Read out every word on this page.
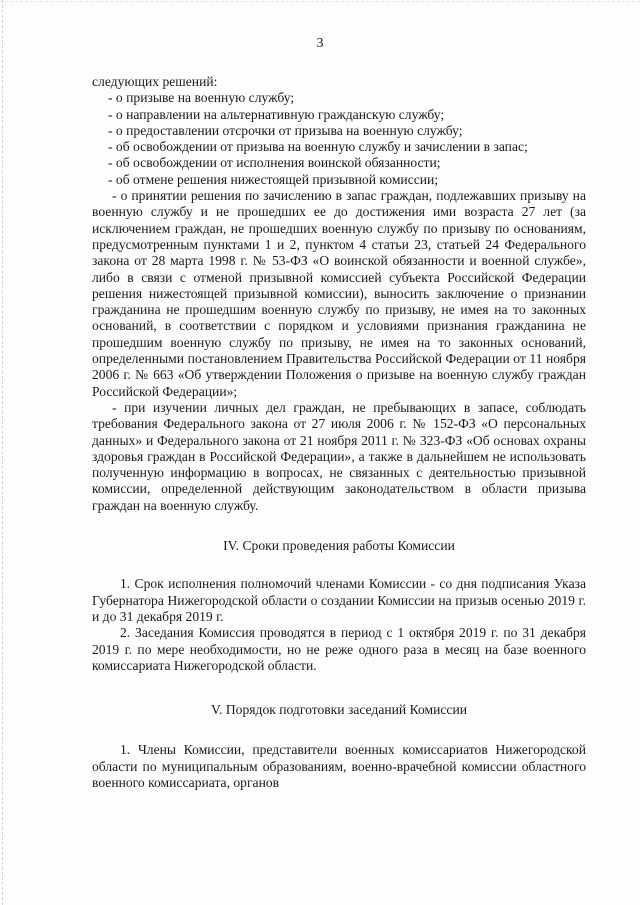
3

следующих решений:

- о призыве на военную службу;

- о направлении на альтернативную гражданскую службу;

- о предоставлении отсрочки от призыва на военную службу;

- об освобождении от призыва на военную службу и зачислении в запас;

- об освобождении от исполнения воинской обязанности;

- об отмене решения нижестоящей призывной комиссии;

- о принятии решения по зачислению в запас граждан, подлежавших призыву на военную службу и не прошедших ее до достижения ими возраста 27 лет (за исключением граждан, не прошедших военную службу по призыву по основаниям, предусмотренным пунктами 1 и 2, пунктом 4 статьи 23, статьей 24 Федерального закона от 28 марта 1998 г. № 53-ФЗ «О воинской обязанности и военной службе», либо в связи с отменой призывной комиссией субъекта Российской Федерации решения нижестоящей призывной комиссии), выносить заключение о признании гражданина не прошедшим военную службу по призыву, не имея на то законных оснований, в соответствии с порядком и условиями признания гражданина не прошедшим военную службу по призыву, не имея на то законных оснований, определенными постановлением Правительства Российской Федерации от 11 ноября 2006 г. № 663 «Об утверждении Положения о призыве на военную службу граждан Российской Федерации»;

- при изучении личных дел граждан, не пребывающих в запасе, соблюдать требования Федерального закона от 27 июля 2006 г. № 152-ФЗ «О персональных данных» и Федерального закона от 21 ноября 2011 г. № 323-ФЗ «Об основах охраны здоровья граждан в Российской Федерации», а также в дальнейшем не использовать полученную информацию в вопросах, не связанных с деятельностью призывной комиссии, определенной действующим законодательством в области призыва граждан на военную службу.

IV. Сроки проведения работы Комиссии

1. Срок исполнения полномочий членами Комиссии - со дня подписания Указа Губернатора Нижегородской области о создании Комиссии на призыв осенью 2019 г. и до 31 декабря 2019 г.

2. Заседания Комиссия проводятся в период с 1 октября 2019 г. по 31 декабря 2019 г. по мере необходимости, но не реже одного раза в месяц на базе военного комиссариата Нижегородской области.

V. Порядок подготовки заседаний Комиссии

1. Члены Комиссии, представители военных комиссариатов Нижегородской области по муниципальным образованиям, военно-врачебной комиссии областного военного комиссариата, органов
